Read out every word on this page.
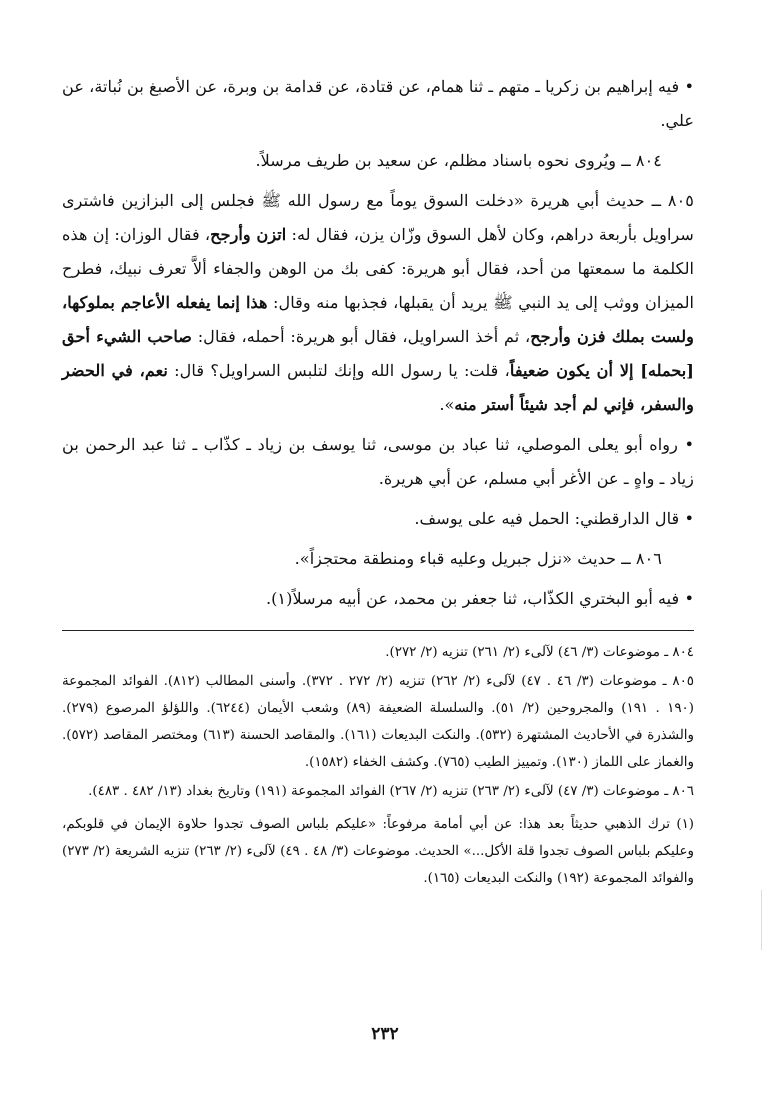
• فيه إبراهيم بن زكريا ـ متهم ـ ثنا همام، عن قتادة، عن قدامة بن وبرة، عن الأصبغ بن نُباتة، عن علي.

٨٠٤ ــ ويُروى نحوه باسناد مظلم، عن سعيد بن طريف مرسلاً.

٨٠٥ ــ حديث أبي هريرة «دخلت السوق يوماً مع رسول الله ﷺ فجلس إلى البزازين فاشترى سراويل بأربعة دراهم، وكان لأهل السوق وزّان يزن، فقال له: اتزن وأرجح، فقال الوزان: إن هذه الكلمة ما سمعتها من أحد، فقال أبو هريرة: كفى بك من الوهن والجفاء ألاَّ تعرف نبيك، فطرح الميزان ووثب إلى يد النبي ﷺ يريد أن يقبلها، فجذبها منه وقال: هذا إنما يفعله الأعاجم بملوكها، ولست بملك فزن وأرجح، ثم أخذ السراويل، فقال أبو هريرة: أحمله، فقال: صاحب الشيء أحق [بحمله] إلا أن يكون ضعيفاً، قلت: يا رسول الله وإنك لتلبس السراويل؟ قال: نعم، في الحضر والسفر، فإني لم أجد شيئاً أستر منه».

• رواه أبو يعلى الموصلي، ثنا عباد بن موسى، ثنا يوسف بن زياد ـ كذّاب ـ ثنا عبد الرحمن بن زياد ـ واهٍ ـ عن الأغر أبي مسلم، عن أبي هريرة.

• قال الدارقطني: الحمل فيه على يوسف.

٨٠٦ ــ حديث «نزل جبريل وعليه قباء ومنطقة محتجزاً».

• فيه أبو البختري الكذّاب، ثنا جعفر بن محمد، عن أبيه مرسلاً(١).

٨٠٤ ـ موضوعات (٣/ ٤٦) لآلىء (٢/ ٢٦١) تنزيه (٢/ ٢٧٢).

٨٠٥ ـ موضوعات (٣/ ٤٦ . ٤٧) لآلىء (٢/ ٢٦٢) تنزيه (٢/ ٢٧٢ . ٣٧٢). وأسنى المطالب (٨١٢). الفوائد المجموعة (١٩٠ . ١٩١) والمجروحين (٢/ ٥١). والسلسلة الضعيفة (٨٩) وشعب الأيمان (٦٢٤٤). واللؤلؤ المرصوع (٢٧٩). والشذرة في الأحاديث المشتهرة (٥٣٢). والنكت البديعات (١٦١). والمقاصد الحسنة (٦١٣) ومختصر المقاصد (٥٧٢). والغماز على اللماز (١٣٠). وتمييز الطيب (٧٦٥). وكشف الخفاء (١٥٨٢).

٨٠٦ ـ موضوعات (٣/ ٤٧) لآلىء (٢/ ٢٦٣) تنزيه (٢/ ٢٦٧) الفوائد المجموعة (١٩١) وتاريخ بغداد (١٣/ ٤٨٢ . ٤٨٣).

(١) ترك الذهبي حديثاً بعد هذا: عن أبي أمامة مرفوعاً: «عليكم بلباس الصوف تجدوا حلاوة الإيمان في قلوبكم، وعليكم بلباس الصوف تجدوا قلة الأكل...» الحديث. موضوعات (٣/ ٤٨ . ٤٩) لآلىء (٢/ ٢٦٣) تنزيه الشريعة (٢/ ٢٧٣) والفوائد المجموعة (١٩٢) والنكت البديعات (١٦٥).

٢٣٢
